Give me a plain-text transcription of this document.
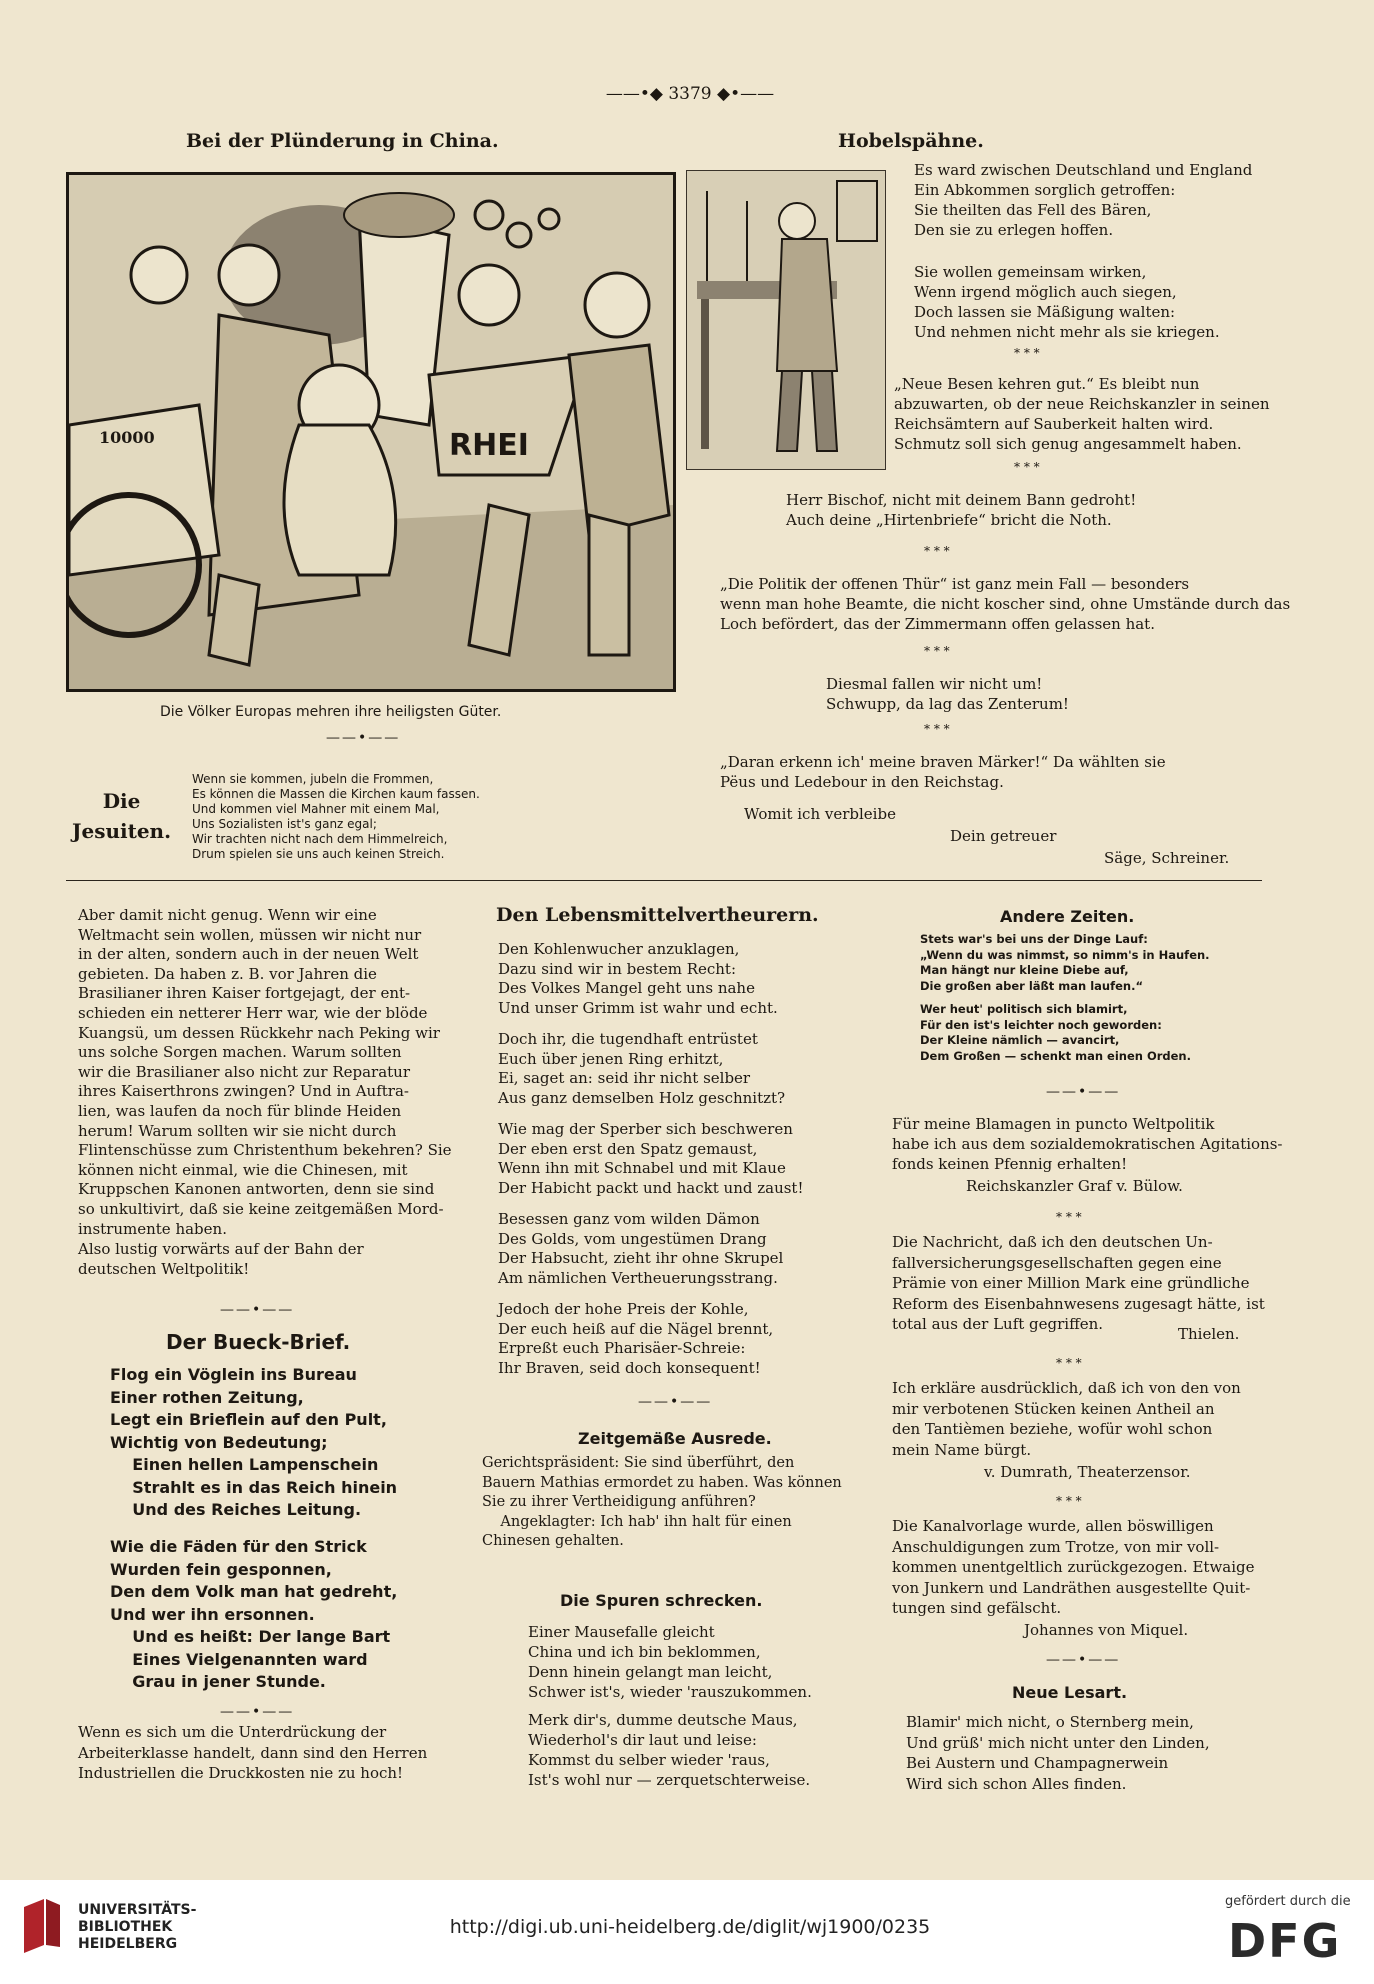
——•◆ 3379 ◆•——
Bei der Plünderung in China.
RHEI
10000
Die Völker Europas mehren ihre heiligsten Güter.
——•——
Die
Jesuiten.
Wenn sie kommen, jubeln die Frommen,
Es können die Massen die Kirchen kaum fassen.
Und kommen viel Mahner mit einem Mal,
Uns Sozialisten ist's ganz egal;
Wir trachten nicht nach dem Himmelreich,
Drum spielen sie uns auch keinen Streich.
Hobelspähne.
Es ward zwischen Deutschland und England
Ein Abkommen sorglich getroffen:
Sie theilten das Fell des Bären,
Den sie zu erlegen hoffen.
Sie wollen gemeinsam wirken,
Wenn irgend möglich auch siegen,
Doch lassen sie Mäßigung walten:
Und nehmen nicht mehr als sie kriegen.
* * *
„Neue Besen kehren gut.“ Es bleibt nun
abzuwarten, ob der neue Reichskanzler in seinen
Reichsämtern auf Sauberkeit halten wird.
Schmutz soll sich genug angesammelt haben.
* * *
Herr Bischof, nicht mit deinem Bann gedroht!
Auch deine „Hirtenbriefe“ bricht die Noth.
* * *
„Die Politik der offenen Thür“ ist ganz mein Fall — besonders
wenn man hohe Beamte, die nicht koscher sind, ohne Umstände durch das
Loch befördert, das der Zimmermann offen gelassen hat.
* * *
Diesmal fallen wir nicht um!
Schwupp, da lag das Zenterum!
* * *
„Daran erkenn ich' meine braven Märker!“ Da wählten sie
Pëus und Ledebour in den Reichstag.
Womit ich verbleibe
Dein getreuer
Säge, Schreiner.
Aber damit nicht genug. Wenn wir eine
Weltmacht sein wollen, müssen wir nicht nur
in der alten, sondern auch in der neuen Welt
gebieten. Da haben z. B. vor Jahren die
Brasilianer ihren Kaiser fortgejagt, der ent-
schieden ein netterer Herr war, wie der blöde
Kuangsü, um dessen Rückkehr nach Peking wir
uns solche Sorgen machen. Warum sollten
wir die Brasilianer also nicht zur Reparatur
ihres Kaiserthrons zwingen? Und in Auftra-
lien, was laufen da noch für blinde Heiden
herum! Warum sollten wir sie nicht durch
Flintenschüsse zum Christenthum bekehren? Sie
können nicht einmal, wie die Chinesen, mit
Kruppschen Kanonen antworten, denn sie sind
so unkultivirt, daß sie keine zeitgemäßen Mord-
instrumente haben.
Also lustig vorwärts auf der Bahn der
deutschen Weltpolitik!
——•——
Der Bueck-Brief.
Flog ein Vöglein ins Bureau
Einer rothen Zeitung,
Legt ein Brieflein auf den Pult,
Wichtig von Bedeutung;
Einen hellen Lampenschein
Strahlt es in das Reich hinein
Und des Reiches Leitung.
Wie die Fäden für den Strick
Wurden fein gesponnen,
Den dem Volk man hat gedreht,
Und wer ihn ersonnen.
Und es heißt: Der lange Bart
Eines Vielgenannten ward
Grau in jener Stunde.
——•——
Wenn es sich um die Unterdrückung der
Arbeiterklasse handelt, dann sind den Herren
Industriellen die Druckkosten nie zu hoch!
Den Lebensmittelvertheurern.
Den Kohlenwucher anzuklagen,
Dazu sind wir in bestem Recht:
Des Volkes Mangel geht uns nahe
Und unser Grimm ist wahr und echt.
Doch ihr, die tugendhaft entrüstet
Euch über jenen Ring erhitzt,
Ei, saget an: seid ihr nicht selber
Aus ganz demselben Holz geschnitzt?
Wie mag der Sperber sich beschweren
Der eben erst den Spatz gemaust,
Wenn ihn mit Schnabel und mit Klaue
Der Habicht packt und hackt und zaust!
Besessen ganz vom wilden Dämon
Des Golds, vom ungestümen Drang
Der Habsucht, zieht ihr ohne Skrupel
Am nämlichen Vertheuerungsstrang.
Jedoch der hohe Preis der Kohle,
Der euch heiß auf die Nägel brennt,
Erpreßt euch Pharisäer-Schreie:
Ihr Braven, seid doch konsequent!
——•——
Zeitgemäße Ausrede.
Gerichtspräsident: Sie sind überführt, den
Bauern Mathias ermordet zu haben. Was können
Sie zu ihrer Vertheidigung anführen?
Angeklagter: Ich hab' ihn halt für einen
Chinesen gehalten.
Die Spuren schrecken.
Einer Mausefalle gleicht
China und ich bin beklommen,
Denn hinein gelangt man leicht,
Schwer ist's, wieder 'rauszukommen.
Merk dir's, dumme deutsche Maus,
Wiederhol's dir laut und leise:
Kommst du selber wieder 'raus,
Ist's wohl nur — zerquetschterweise.
Andere Zeiten.
Stets war's bei uns der Dinge Lauf:
„Wenn du was nimmst, so nimm's in Haufen.
Man hängt nur kleine Diebe auf,
Die großen aber läßt man laufen.“
Wer heut' politisch sich blamirt,
Für den ist's leichter noch geworden:
Der Kleine nämlich — avancirt,
Dem Großen — schenkt man einen Orden.
——•——
Für meine Blamagen in puncto Weltpolitik
habe ich aus dem sozialdemokratischen Agitations-
fonds keinen Pfennig erhalten!
Reichskanzler Graf v. Bülow.
* * *
Die Nachricht, daß ich den deutschen Un-
fallversicherungsgesellschaften gegen eine
Prämie von einer Million Mark eine gründliche
Reform des Eisenbahnwesens zugesagt hätte, ist
total aus der Luft gegriffen.
Thielen.
* * *
Ich erkläre ausdrücklich, daß ich von den von
mir verbotenen Stücken keinen Antheil an
den Tantièmen beziehe, wofür wohl schon
mein Name bürgt.
v. Dumrath, Theaterzensor.
* * *
Die Kanalvorlage wurde, allen böswilligen
Anschuldigungen zum Trotze, von mir voll-
kommen unentgeltlich zurückgezogen. Etwaige
von Junkern und Landräthen ausgestellte Quit-
tungen sind gefälscht.
Johannes von Miquel.
——•——
Neue Lesart.
Blamir' mich nicht, o Sternberg mein,
Und grüß' mich nicht unter den Linden,
Bei Austern und Champagnerwein
Wird sich schon Alles finden.
UNIVERSITÄTS-
BIBLIOTHEK
HEIDELBERG
http://digi.ub.uni-heidelberg.de/diglit/wj1900/0235
gefördert durch die
DFG
